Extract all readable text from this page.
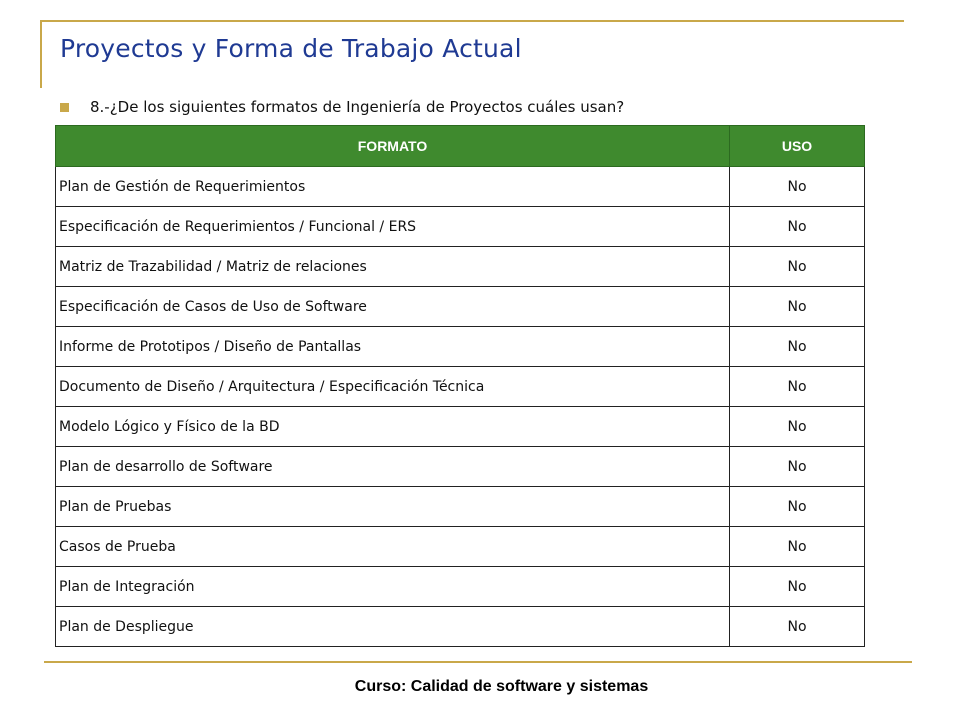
Proyectos y Forma de Trabajo Actual
8.-¿De los siguientes formatos de Ingeniería de Proyectos cuáles usan?
FORMATO	USO
Plan de Gestión de Requerimientos	No
Especificación de Requerimientos / Funcional / ERS	No
Matriz de Trazabilidad / Matriz de relaciones	No
Especificación de Casos de Uso de Software	No
Informe de Prototipos / Diseño de Pantallas	No
Documento de Diseño / Arquitectura / Especificación Técnica	No
Modelo Lógico y Físico de la BD	No
Plan de desarrollo de Software	No
Plan de Pruebas	No
Casos de Prueba	No
Plan de Integración	No
Plan de Despliegue	No
Curso: Calidad de software y sistemas
